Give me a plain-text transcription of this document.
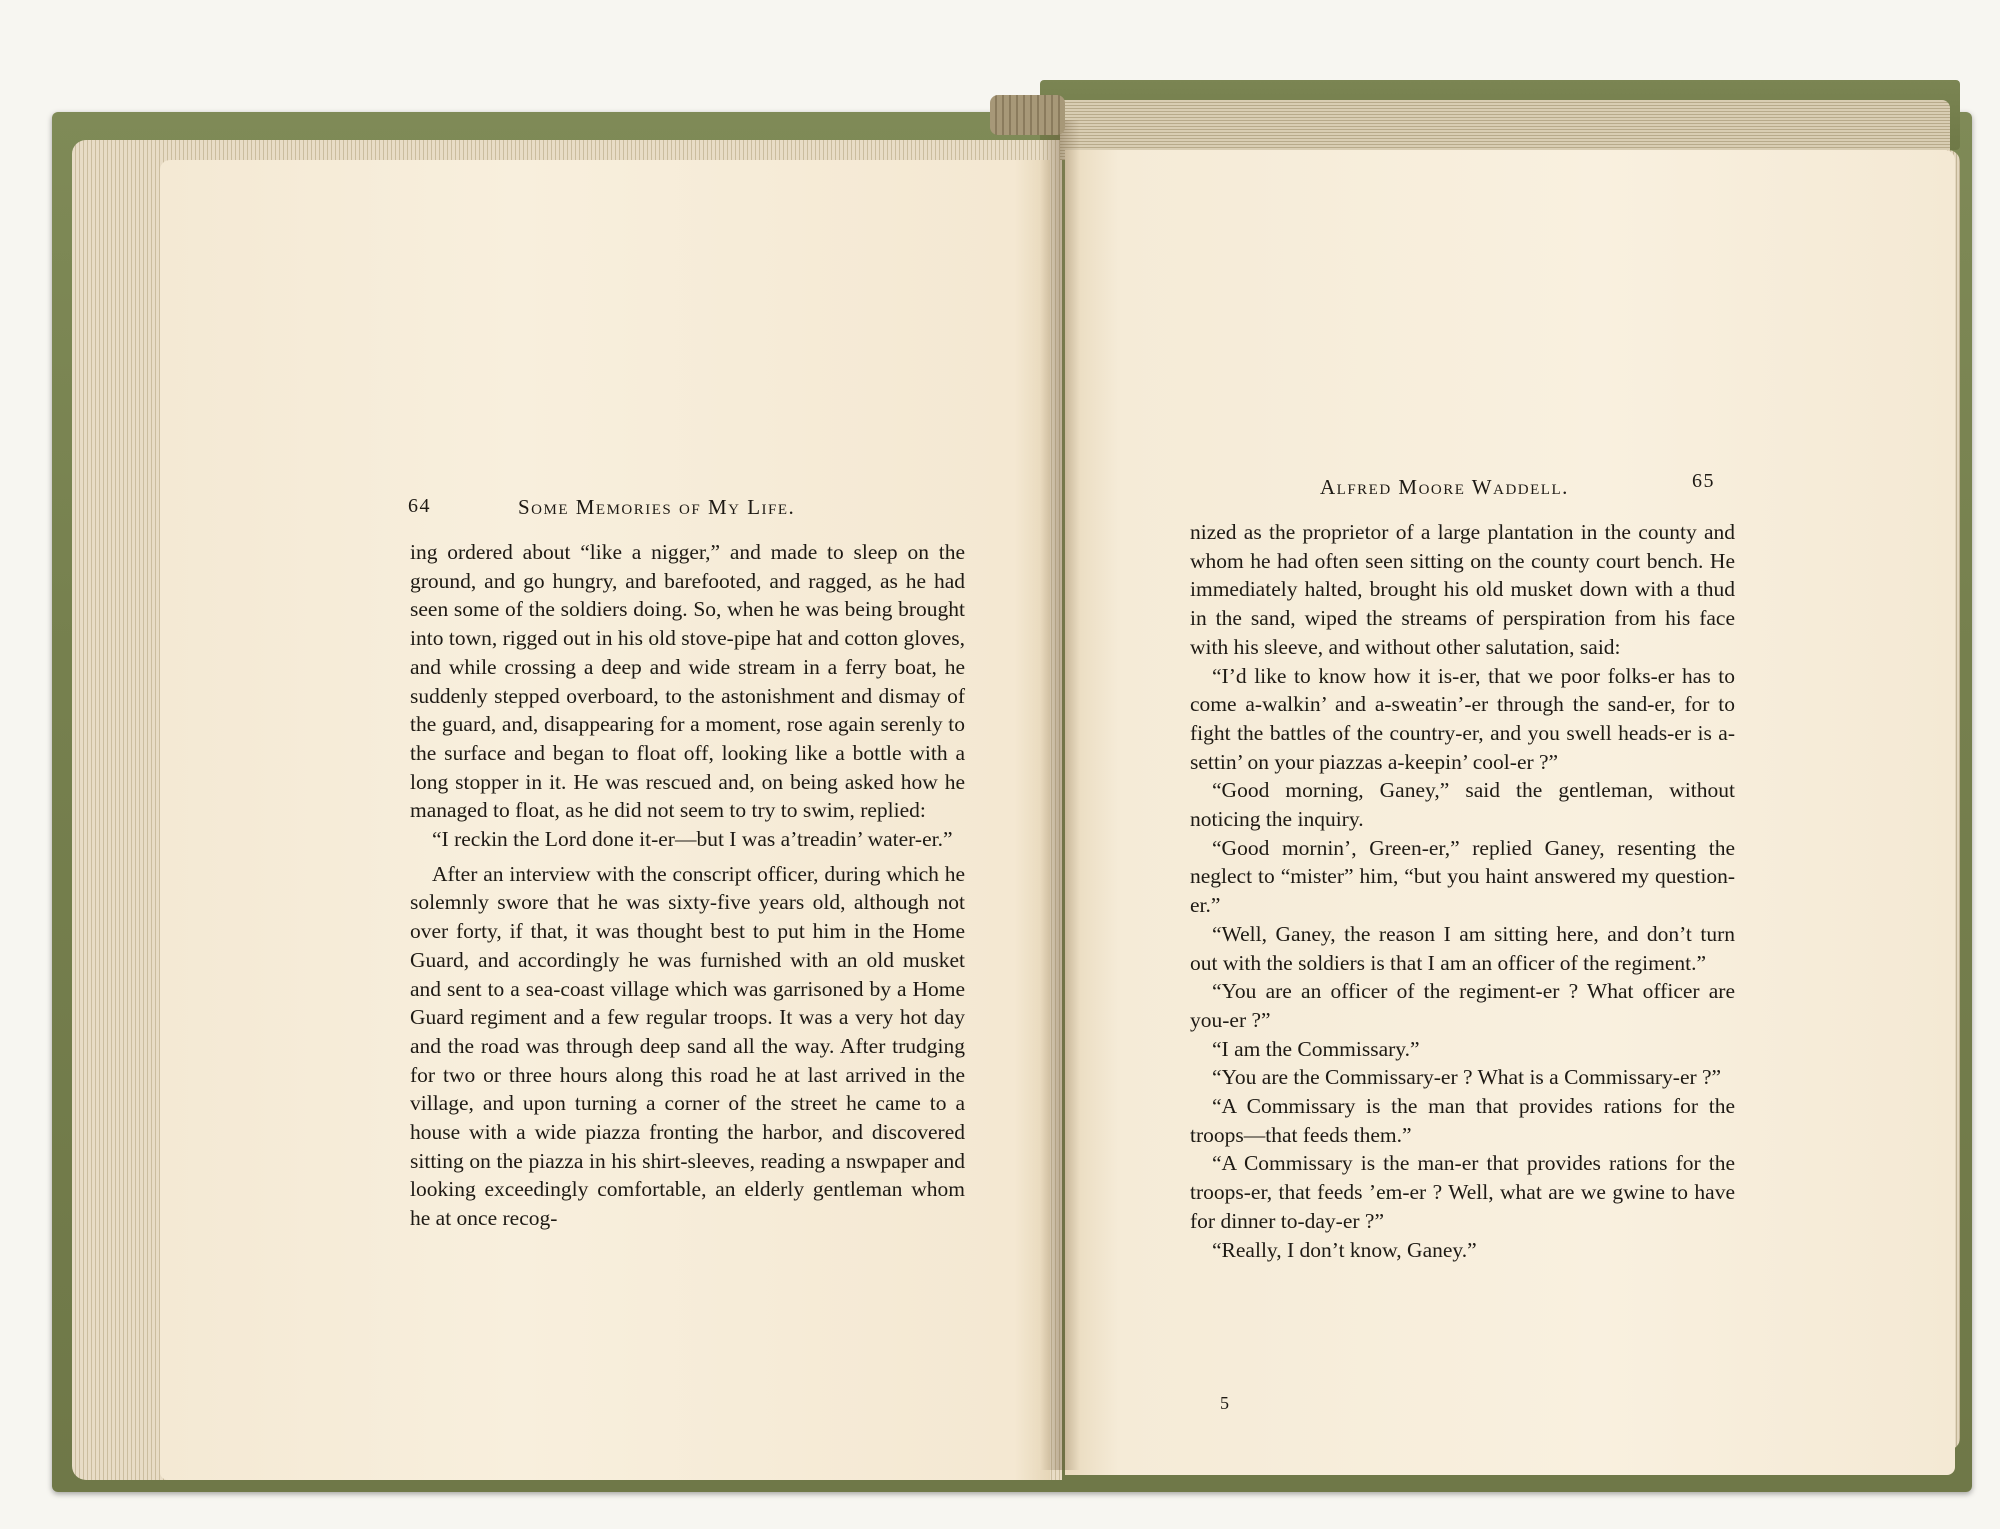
64	Some Memories of My Life.

ing ordered about “like a nigger,” and made to sleep on the ground, and go hungry, and barefooted, and ragged, as he had seen some of the soldiers doing. So, when he was being brought into town, rigged out in his old stove-pipe hat and cotton gloves, and while crossing a deep and wide stream in a ferry boat, he suddenly stepped overboard, to the astonishment and dismay of the guard, and, disappearing for a moment, rose again serenly to the surface and began to float off, looking like a bottle with a long stopper in it. He was rescued and, on being asked how he managed to float, as he did not seem to try to swim, replied:

“I reckin the Lord done it-er—but I was a’treadin’ water-er.”

After an interview with the conscript officer, during which he solemnly swore that he was sixty-five years old, although not over forty, if that, it was thought best to put him in the Home Guard, and accordingly he was furnished with an old musket and sent to a sea-coast village which was garrisoned by a Home Guard regiment and a few regular troops. It was a very hot day and the road was through deep sand all the way. After trudging for two or three hours along this road he at last arrived in the village, and upon turning a corner of the street he came to a house with a wide piazza fronting the harbor, and discovered sitting on the piazza in his shirt-sleeves, reading a nswpaper and looking exceedingly comfortable, an elderly gentleman whom he at once recog-

Alfred Moore Waddell.	65

nized as the proprietor of a large plantation in the county and whom he had often seen sitting on the county court bench. He immediately halted, brought his old musket down with a thud in the sand, wiped the streams of perspiration from his face with his sleeve, and without other salutation, said:

“I’d like to know how it is-er, that we poor folks-er has to come a-walkin’ and a-sweatin’-er through the sand-er, for to fight the battles of the country-er, and you swell heads-er is a-settin’ on your piazzas a-keepin’ cool-er ?”

“Good morning, Ganey,” said the gentleman, without noticing the inquiry.

“Good mornin’, Green-er,” replied Ganey, resenting the neglect to “mister” him, “but you haint answered my question-er.”

“Well, Ganey, the reason I am sitting here, and don’t turn out with the soldiers is that I am an officer of the regiment.”

“You are an officer of the regiment-er ? What officer are you-er ?”

“I am the Commissary.”

“You are the Commissary-er ? What is a Commissary-er ?”

“A Commissary is the man that provides rations for the troops—that feeds them.”

“A Commissary is the man-er that provides rations for the troops-er, that feeds ’em-er ? Well, what are we gwine to have for dinner to-day-er ?”

“Really, I don’t know, Ganey.”

5
